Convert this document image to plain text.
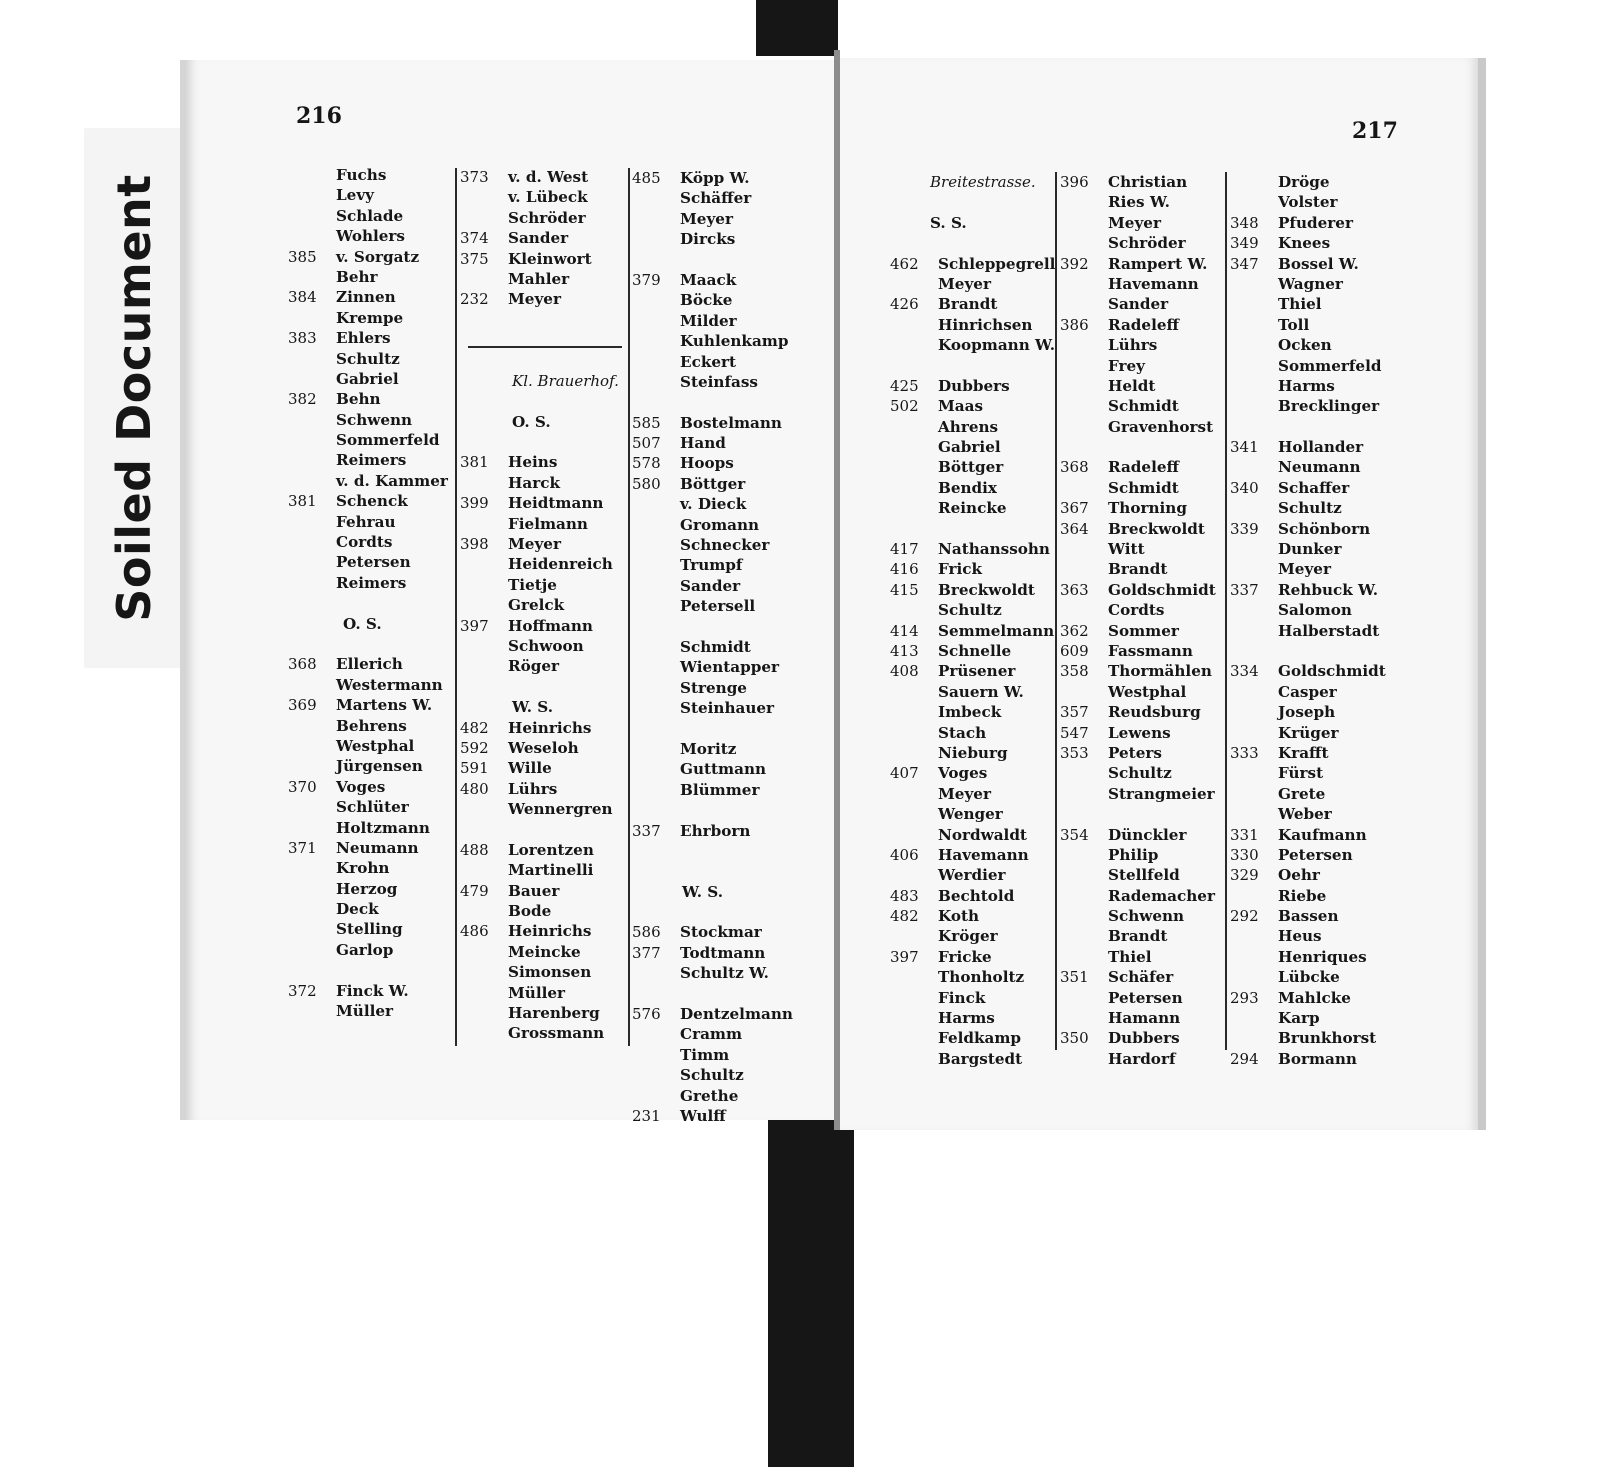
Soiled Document
216
217
Fuchs
Levy
Schlade
Wohlers
385 v. Sorgatz
Behr
384 Zinnen
Krempe
383 Ehlers
Schultz
Gabriel
382 Behn
Schwenn
Sommerfeld
Reimers
v. d. Kammer
381 Schenck
Fehrau
Cordts
Petersen
Reimers
O. S.
368 Ellerich
Westermann
369 Martens W.
Behrens
Westphal
Jürgensen
370 Voges
Schlüter
Holtzmann
371 Neumann
Krohn
Herzog
Deck
Stelling
Garlop
372 Finck W.
Müller
373 v. d. West
v. Lübeck
Schröder
374 Sander
375 Kleinwort
Mahler
232 Meyer
Kl. Brauerhof.
O. S.
381 Heins
Harck
399 Heidtmann
Fielmann
398 Meyer
Heidenreich
Tietje
Grelck
397 Hoffmann
Schwoon
Röger
W. S.
482 Heinrichs
592 Weseloh
591 Wille
480 Lührs
Wennergren
488 Lorentzen
Martinelli
479 Bauer
Bode
486 Heinrichs
Meincke
Simonsen
Müller
Harenberg
Grossmann
485 Köpp W.
Schäffer
Meyer
Dircks
379 Maack
Böcke
Milder
Kuhlenkamp
Eckert
Steinfass
585 Bostelmann
507 Hand
578 Hoops
580 Böttger
v. Dieck
Gromann
Schnecker
Trumpf
Sander
Petersell
Schmidt
Wientapper
Strenge
Steinhauer
Moritz
Guttmann
Blümmer
337 Ehrborn
W. S.
586 Stockmar
377 Todtmann
Schultz W.
576 Dentzelmann
Cramm
Timm
Schultz
Grethe
231 Wulff
Breitestrasse.
S. S.
462 Schleppegrell
Meyer
426 Brandt
Hinrichsen
Koopmann W.
425 Dubbers
502 Maas
Ahrens
Gabriel
Böttger
Bendix
Reincke
417 Nathanssohn
416 Frick
415 Breckwoldt
Schultz
414 Semmelmann
413 Schnelle
408 Prüsener
Sauern W.
Imbeck
Stach
Nieburg
407 Voges
Meyer
Wenger
Nordwaldt
406 Havemann
Werdier
483 Bechtold
482 Koth
Kröger
397 Fricke
Thonholtz
Finck
Harms
Feldkamp
Bargstedt
396 Christian
Ries W.
Meyer
Schröder
392 Rampert W.
Havemann
Sander
386 Radeleff
Lührs
Frey
Heldt
Schmidt
Gravenhorst
368 Radeleff
Schmidt
367 Thorning
364 Breckwoldt
Witt
Brandt
363 Goldschmidt
Cordts
362 Sommer
609 Fassmann
358 Thormählen
Westphal
357 Reudsburg
547 Lewens
353 Peters
Schultz
Strangmeier
354 Dünckler
Philip
Stellfeld
Rademacher
Schwenn
Brandt
Thiel
351 Schäfer
Petersen
Hamann
350 Dubbers
Hardorf
Dröge
Volster
348 Pfuderer
349 Knees
347 Bossel W.
Wagner
Thiel
Toll
Ocken
Sommerfeld
Harms
Brecklinger
341 Hollander
Neumann
340 Schaffer
Schultz
339 Schönborn
Dunker
Meyer
337 Rehbuck W.
Salomon
Halberstadt
334 Goldschmidt
Casper
Joseph
Krüger
333 Krafft
Fürst
Grete
Weber
331 Kaufmann
330 Petersen
329 Oehr
Riebe
292 Bassen
Heus
Henriques
Lübcke
293 Mahlcke
Karp
Brunkhorst
294 Bormann
